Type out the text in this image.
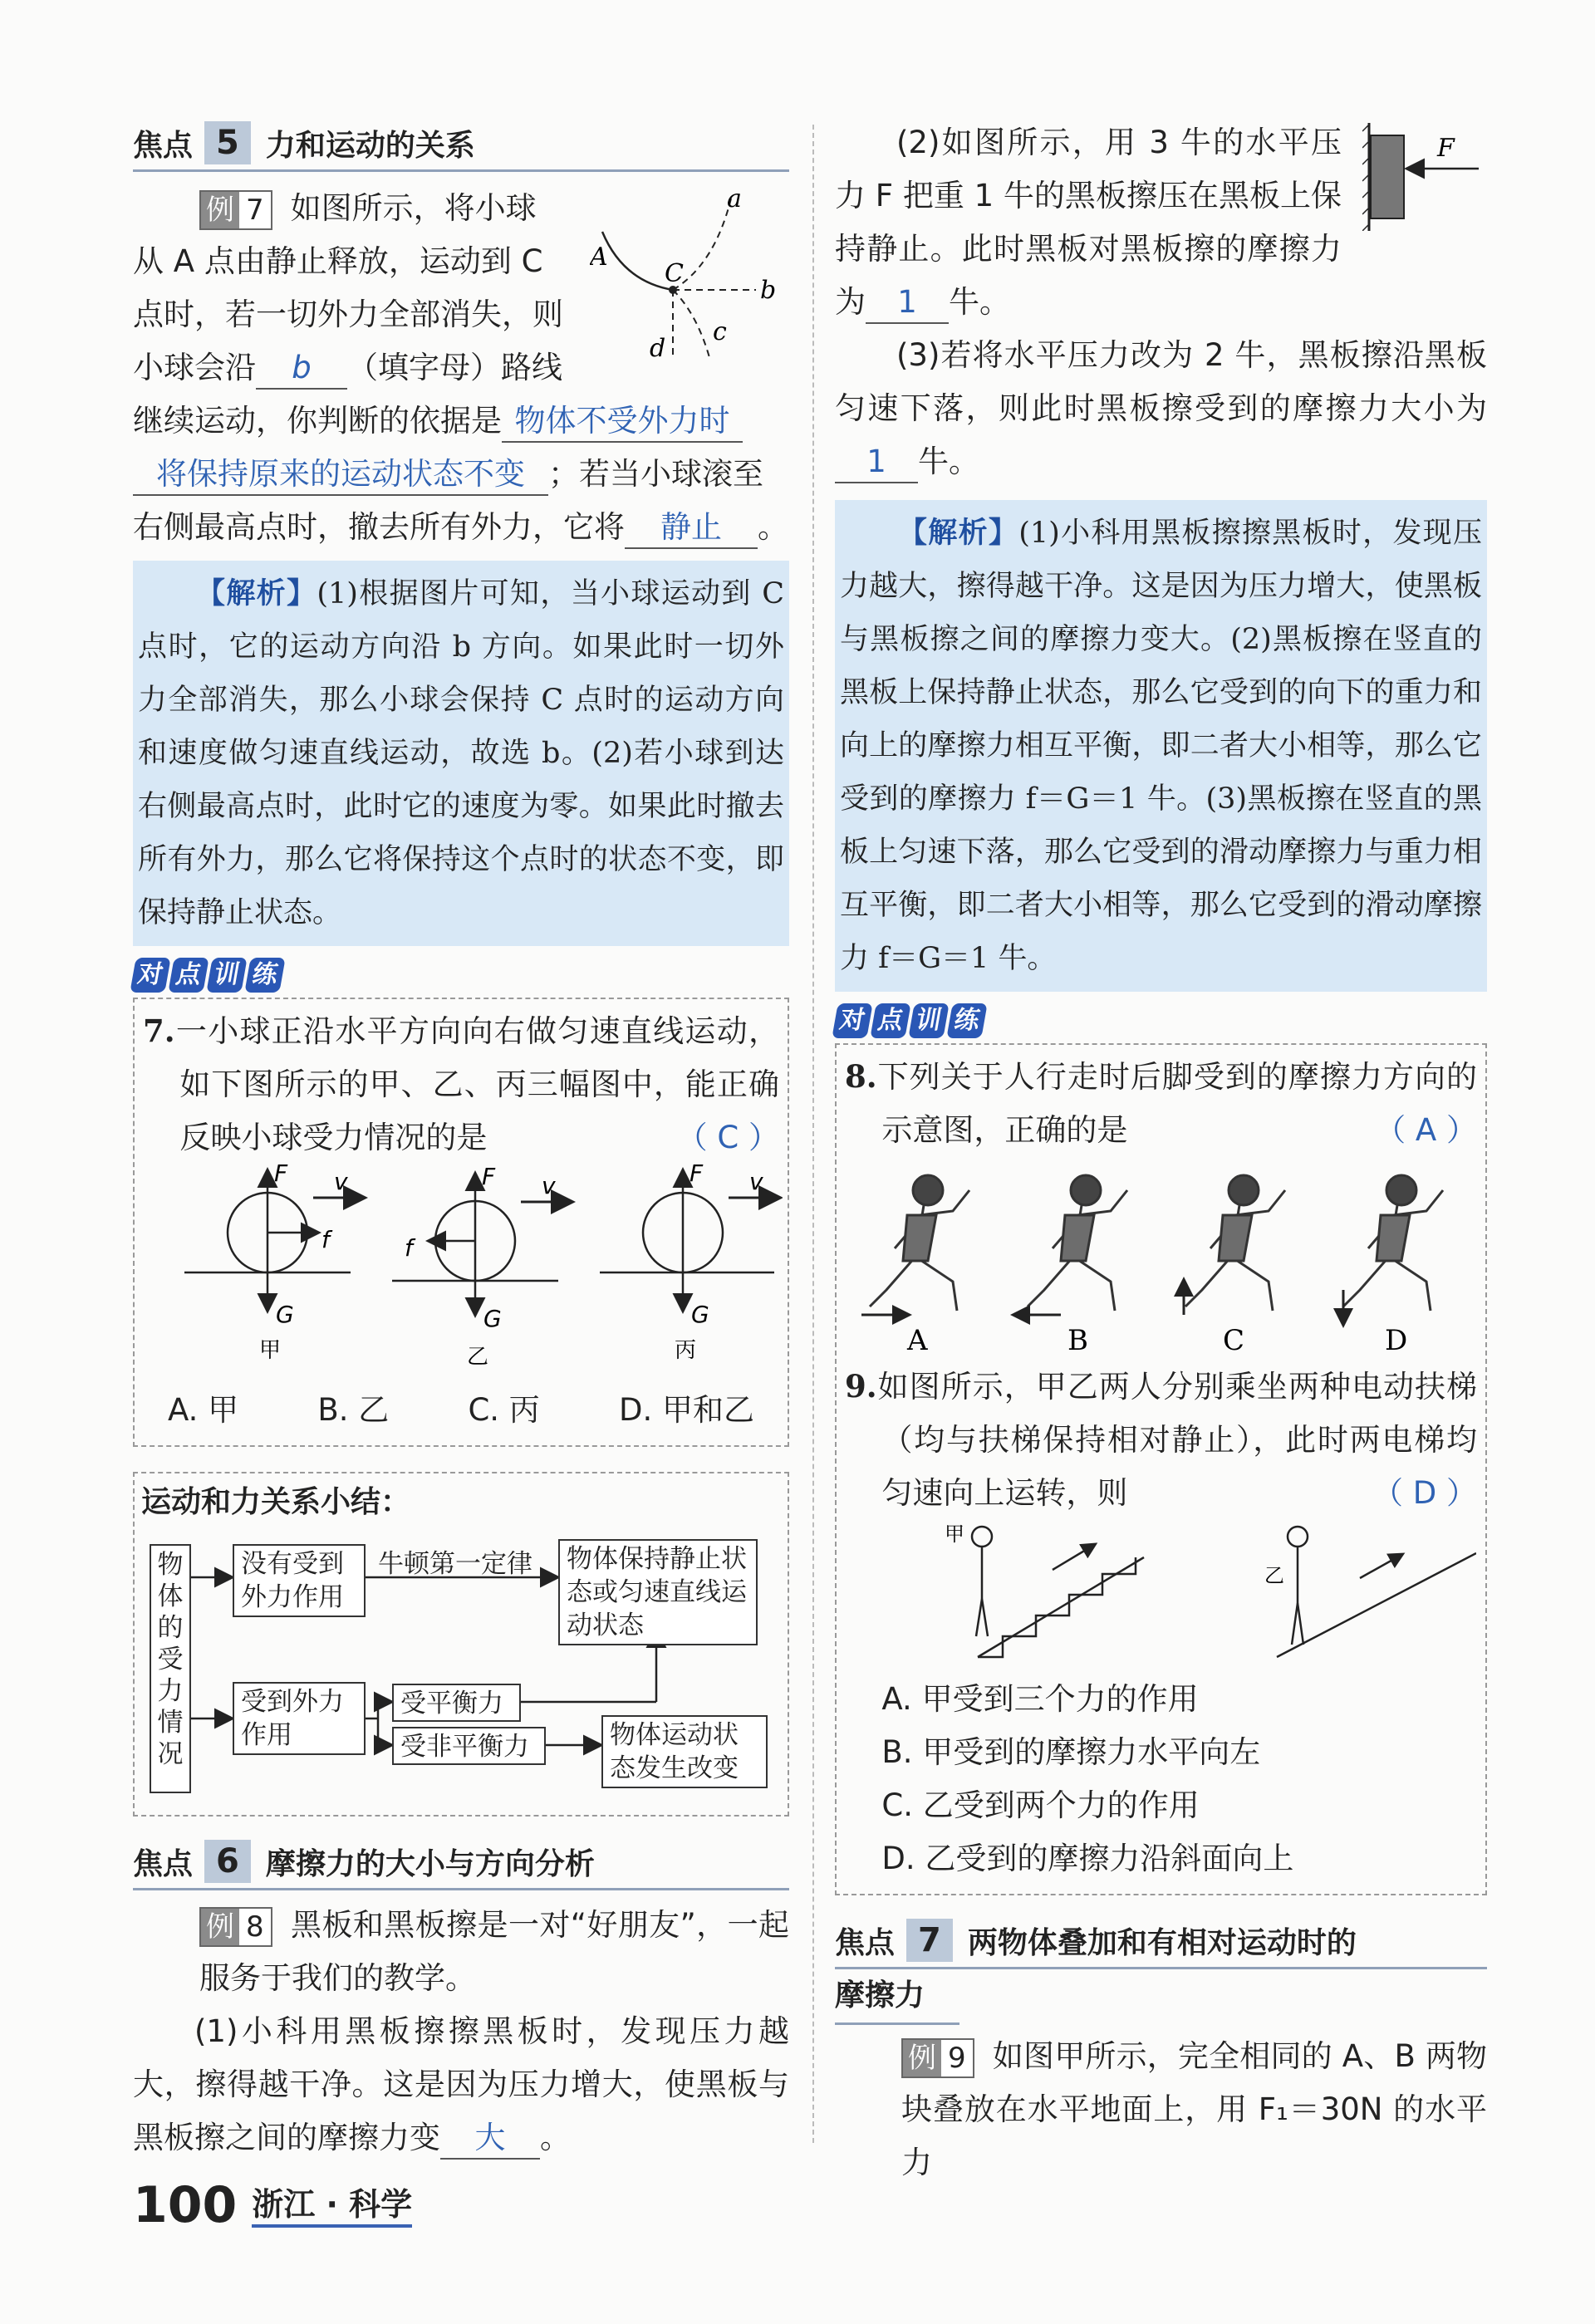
焦点 5 力和运动的关系
a
b
c
d
A
C

例 7 如图所示，将小球

从 A 点由静止释放，运动到 C

点时，若一切外力全部消失，则

小球会沿 b （填字母）路线

继续运动，你判断的依据是 物体不受外力时

将保持原来的运动状态不变 ；若当小球滚至

右侧最高点时，撤去所有外力，它将 静止 。

【解析】(1)根据图片可知，当小球运动到 C 点时，它的运动方向沿 b 方向。如果此时一切外力全部消失，那么小球会保持 C 点时的运动方向和速度做匀速直线运动，故选 b。(2)若小球到达右侧最高点时，此时它的速度为零。如果此时撤去所有外力，那么它将保持这个点时的状态不变，即保持静止状态。
对 点 训 练

7.一小球正沿水平方向向右做匀速直线运动，如下图所示的甲、乙、丙三幅图中，能正确反映小球受力情况的是	（ C ）

F v
f
G
甲
F v
f
G
乙
F v
G
丙
A. 甲	B. 乙	C. 丙	D. 甲和乙
运动和力关系小结：
物体的受力情况
没有受到外力作用
牛顿第一定律	物体保持静止状态或匀速直线运动状态
受到外力作用
受平衡力
受非平衡力	物体运动状态发生改变
焦点 6 摩擦力的大小与方向分析

例 8 黑板和黑板擦是一对“好朋友”，一起服务于我们的教学。

(1)小科用黑板擦擦黑板时，发现压力越大，擦得越干净。这是因为压力增大，使黑板与黑板擦之间的摩擦力变 大 。

F

(2)如图所示，用 3 牛的水平压力 F 把重 1 牛的黑板擦压在黑板上保持静止。此时黑板对黑板擦的摩擦力为 1 牛。

(3)若将水平压力改为 2 牛，黑板擦沿黑板匀速下落，则此时黑板擦受到的摩擦力大小为1 牛。

【解析】(1)小科用黑板擦擦黑板时，发现压力越大，擦得越干净。这是因为压力增大，使黑板与黑板擦之间的摩擦力变大。(2)黑板擦在竖直的黑板上保持静止状态，那么它受到的向下的重力和向上的摩擦力相互平衡，即二者大小相等，那么它受到的摩擦力 f＝G＝1 牛。(3)黑板擦在竖直的黑板上匀速下落，那么它受到的滑动摩擦力与重力相互平衡，即二者大小相等，那么它受到的滑动摩擦力 f＝G＝1 牛。
对 点 训 练

8.下列关于人行走时后脚受到的摩擦力方向的示意图，正确的是	（ A ）

A	B	C	D

9.如图所示，甲乙两人分别乘坐两种电动扶梯（均与扶梯保持相对静止），此时两电梯均匀速向上运转，则	（ D ）

甲
乙

A. 甲受到三个力的作用

B. 甲受到的摩擦力水平向左

C. 乙受到两个力的作用

D. 乙受到的摩擦力沿斜面向上

焦点 7 两物体叠加和有相对运动时的
摩擦力

例 9 如图甲所示，完全相同的 A、B 两物块叠放在水平地面上，用 F₁＝30N 的水平力

100 浙江 · 科学
